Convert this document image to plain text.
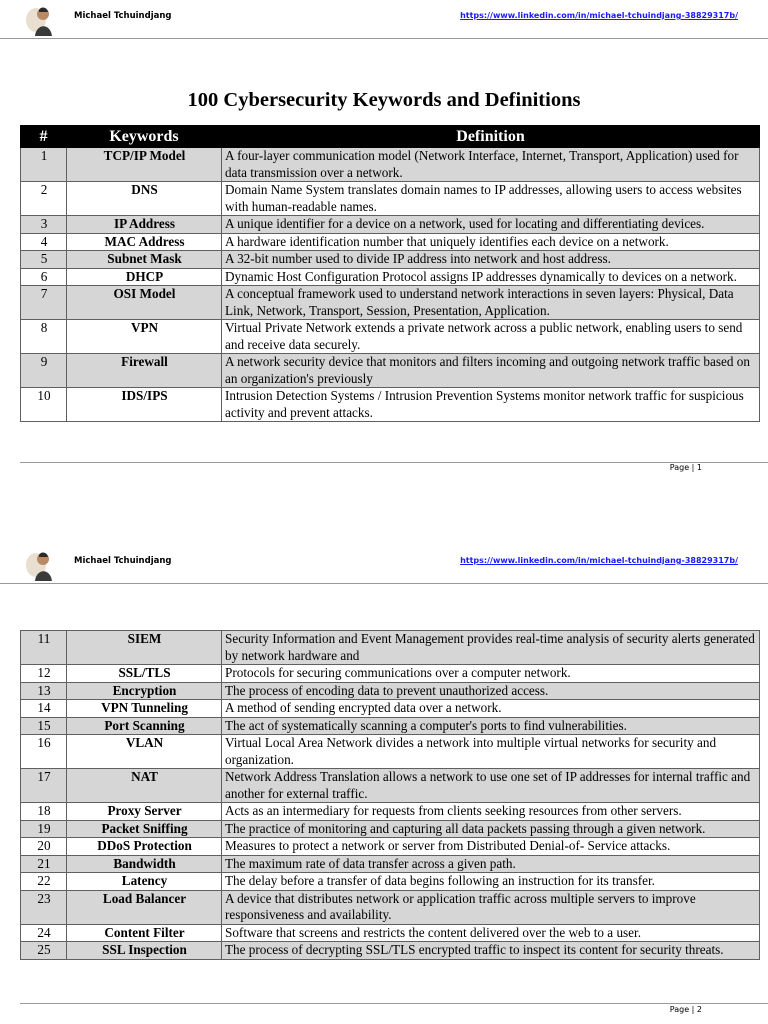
Michael Tchuindjang	https://www.linkedin.com/in/michael-tchuindjang-38829317b/
100 Cybersecurity Keywords and Definitions
#	Keywords	Definition
1	TCP/IP Model	A four-layer communication model (Network Interface, Internet, Transport, Application) used for data transmission over a network.
2	DNS	Domain Name System translates domain names to IP addresses, allowing users to access websites with human-readable names.
3	IP Address	A unique identifier for a device on a network, used for locating and differentiating devices.
4	MAC Address	A hardware identification number that uniquely identifies each device on a network.
5	Subnet Mask	A 32-bit number used to divide IP address into network and host address.
6	DHCP	Dynamic Host Configuration Protocol assigns IP addresses dynamically to devices on a network.
7	OSI Model	A conceptual framework used to understand network interactions in seven layers: Physical, Data Link, Network, Transport, Session, Presentation, Application.
8	VPN	Virtual Private Network extends a private network across a public network, enabling users to send and receive data securely.
9	Firewall	A network security device that monitors and filters incoming and outgoing network traffic based on an organization's previously
10	IDS/IPS	Intrusion Detection Systems / Intrusion Prevention Systems monitor network traffic for suspicious activity and prevent attacks.
Page | 1
Michael Tchuindjang	https://www.linkedin.com/in/michael-tchuindjang-38829317b/
11	SIEM	Security Information and Event Management provides real-time analysis of security alerts generated by network hardware and
12	SSL/TLS	Protocols for securing communications over a computer network.
13	Encryption	The process of encoding data to prevent unauthorized access.
14	VPN Tunneling	A method of sending encrypted data over a network.
15	Port Scanning	The act of systematically scanning a computer's ports to find vulnerabilities.
16	VLAN	Virtual Local Area Network divides a network into multiple virtual networks for security and organization.
17	NAT	Network Address Translation allows a network to use one set of IP addresses for internal traffic and another for external traffic.
18	Proxy Server	Acts as an intermediary for requests from clients seeking resources from other servers.
19	Packet Sniffing	The practice of monitoring and capturing all data packets passing through a given network.
20	DDoS Protection	Measures to protect a network or server from Distributed Denial-of- Service attacks.
21	Bandwidth	The maximum rate of data transfer across a given path.
22	Latency	The delay before a transfer of data begins following an instruction for its transfer.
23	Load Balancer	A device that distributes network or application traffic across multiple servers to improve responsiveness and availability.
24	Content Filter	Software that screens and restricts the content delivered over the web to a user.
25	SSL Inspection	The process of decrypting SSL/TLS encrypted traffic to inspect its content for security threats.
Page | 2
